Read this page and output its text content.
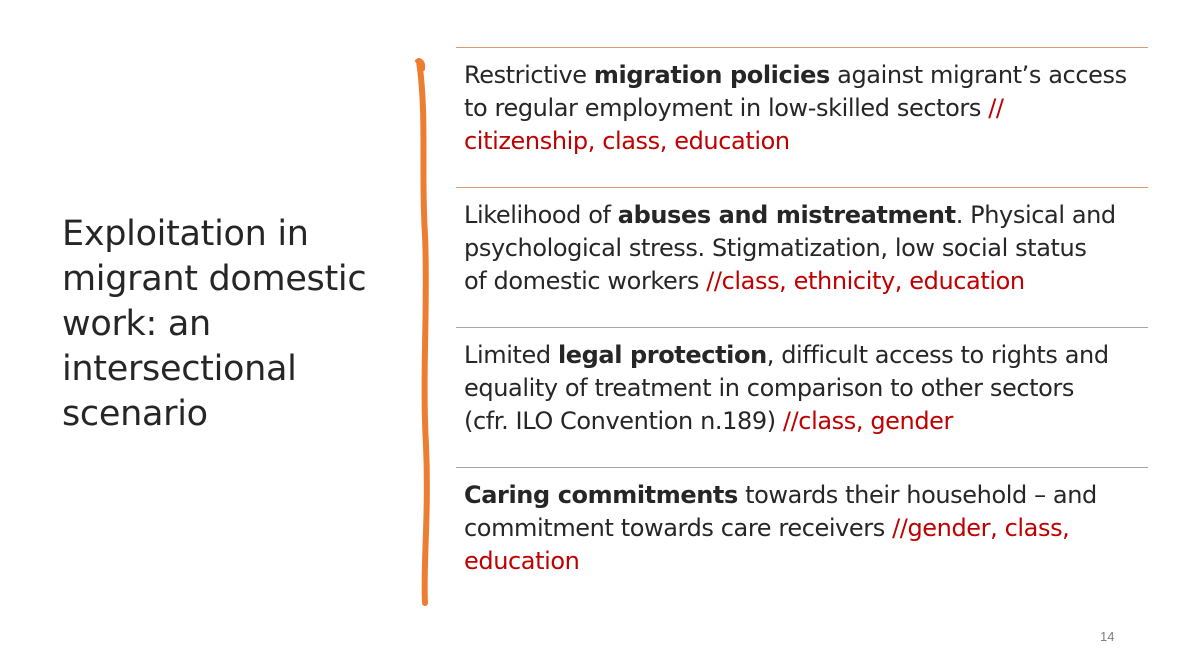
Exploitation in
migrant domestic
work: an
intersectional
scenario
Restrictive migration policies against migrant’s access
to regular employment in low-skilled sectors //
citizenship, class, education
Likelihood of abuses and mistreatment. Physical and
psychological stress. Stigmatization, low social status
of domestic workers //class, ethnicity, education
Limited legal protection, difficult access to rights and
equality of treatment in comparison to other sectors
(cfr. ILO Convention n.189) //class, gender
Caring commitments towards their household – and
commitment towards care receivers //gender, class,
education
14
